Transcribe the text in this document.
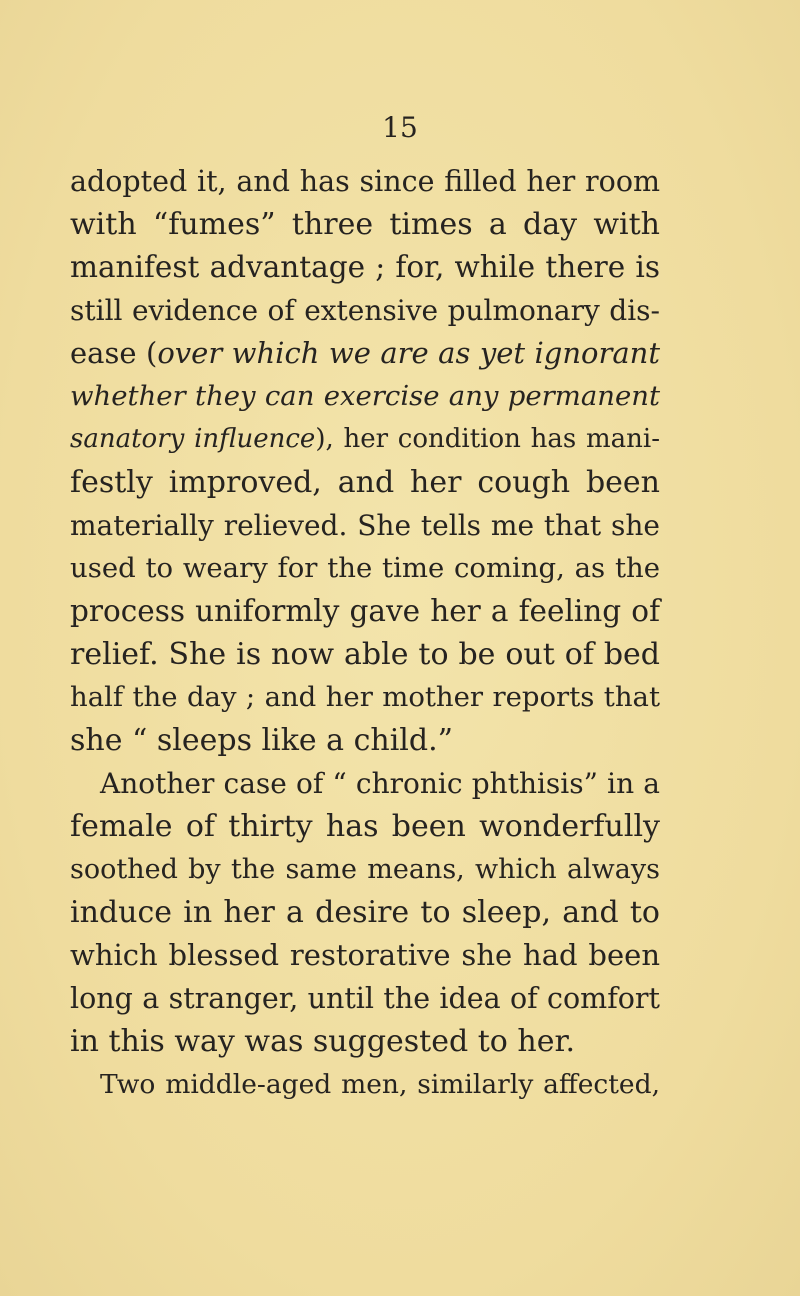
15
adopted it, and has since filled her room
with “fumes” three times a day with
manifest advantage ; for, while there is
still evidence of extensive pulmonary dis-
ease (over which we are as yet ignorant
whether they can exercise any permanent
sanatory influence), her condition has mani-
festly improved, and her cough been
materially relieved. She tells me that she
used to weary for the time coming, as the
process uniformly gave her a feeling of
relief. She is now able to be out of bed
half the day ; and her mother reports that
she “ sleeps like a child.”
Another case of “ chronic phthisis” in a
female of thirty has been wonderfully
soothed by the same means, which always
induce in her a desire to sleep, and to
which blessed restorative she had been
long a stranger, until the idea of comfort
in this way was suggested to her.
Two middle-aged men, similarly affected,
